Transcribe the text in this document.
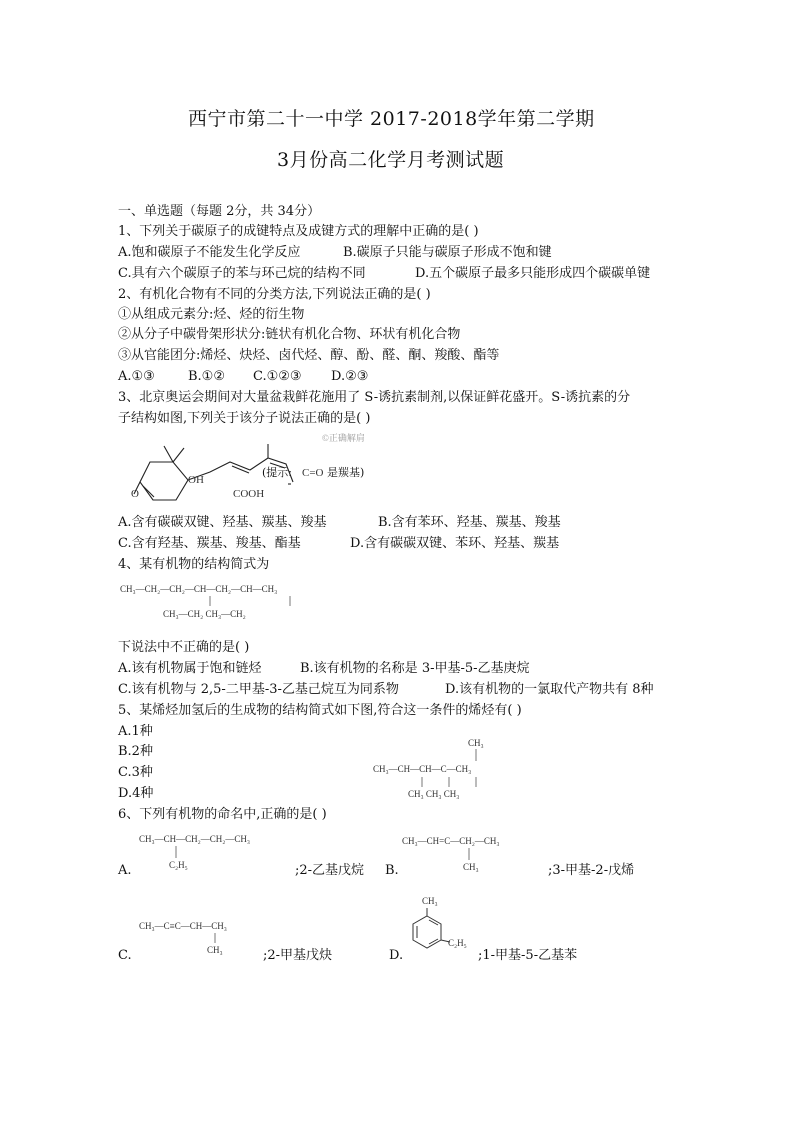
西宁市第二十一中学 2017-2018学年第二学期
3月份高二化学月考测试题
一、单选题（每题 2分，共 34分）
1、下列关于碳原子的成键特点及成键方式的理解中正确的是( )
A.饱和碳原子不能发生化学反应	B.碳原子只能与碳原子形成不饱和键
C.具有六个碳原子的苯与环己烷的结构不同	D.五个碳原子最多只能形成四个碳碳单键
2、有机化合物有不同的分类方法,下列说法正确的是( )
①从组成元素分:烃、烃的衍生物
②从分子中碳骨架形状分:链状有机化合物、环状有机化合物
③从官能团分:烯烃、炔烃、卤代烃、醇、酚、醛、酮、羧酸、酯等
A.①③	B.①② C.①②③ D.②③
3、北京奥运会期间对大量盆栽鲜花施用了 S-诱抗素制剂,以保证鲜花盛开。S-诱抗素的分
子结构如图,下列关于该分子说法正确的是( )
©正确解肩
OH
O	COOH
(提示: C=O 是羰基)
A.含有碳碳双键、羟基、羰基、羧基	B.含有苯环、羟基、羰基、羧基
C.含有羟基、羰基、羧基、酯基	D.含有碳碳双键、苯环、羟基、羰基
4、某有机物的结构简式为
CH₃—CH₂—CH₂—CH—CH₂—CH—CH₃
CH₃—CH₂ CH₃—CH₂
下说法中不正确的是( )
A.该有机物属于饱和链烃	B.该有机物的名称是 3-甲基-5-乙基庚烷
C.该有机物与 2,5-二甲基-3-乙基己烷互为同系物	D.该有机物的一氯取代产物共有 8种
5、某烯烃加氢后的生成物的结构简式如下图,符合这一条件的烯烃有( )
A.1种
B.2种
C.3种
D.4种
CH₃
CH₃—CH—CH—C—CH₃
CH₃ CH₃ CH₃
6、下列有机物的命名中,正确的是( )
CH₃—CH—CH₂—CH₂—CH₃
C₂H₅
A.	;2-乙基戊烷
CH₃—CH=C—CH₂—CH₃
CH₃
B.	;3-甲基-2-戊烯
CH₃—C≡C—CH—CH₃
CH₃
C.	;2-甲基戊炔
CH₃
C₂H₅
D.	;1-甲基-5-乙基苯
